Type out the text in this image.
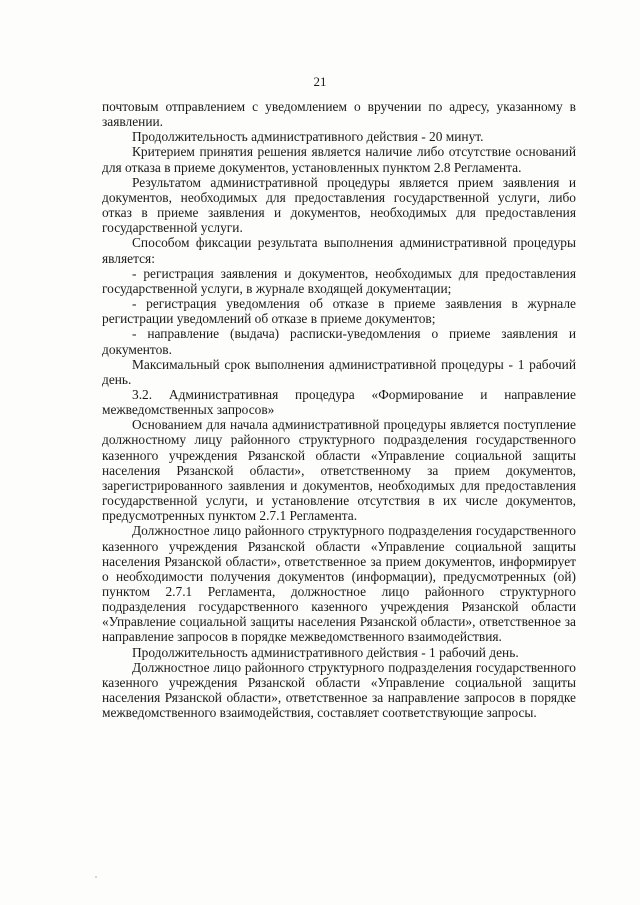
21

почтовым отправлением с уведомлением о вручении по адресу, указанному в заявлении.

Продолжительность административного действия - 20 минут.

Критерием принятия решения является наличие либо отсутствие оснований для отказа в приеме документов, установленных пунктом 2.8 Регламента.

Результатом административной процедуры является прием заявления и документов, необходимых для предоставления государственной услуги, либо отказ в приеме заявления и документов, необходимых для предоставления государственной услуги.

Способом фиксации результата выполнения административной процедуры является:

- регистрация заявления и документов, необходимых для предоставления государственной услуги, в журнале входящей документации;

- регистрация уведомления об отказе в приеме заявления в журнале регистрации уведомлений об отказе в приеме документов;

- направление (выдача) расписки-уведомления о приеме заявления и документов.

Максимальный срок выполнения административной процедуры - 1 рабочий день.

3.2. Административная процедура «Формирование и направление межведомственных запросов»

Основанием для начала административной процедуры является поступление должностному лицу районного структурного подразделения государственного казенного учреждения Рязанской области «Управление социальной защиты населения Рязанской области», ответственному за прием документов, зарегистрированного заявления и документов, необходимых для предоставления государственной услуги, и установление отсутствия в их числе документов, предусмотренных пунктом 2.7.1 Регламента.

Должностное лицо районного структурного подразделения государственного казенного учреждения Рязанской области «Управление социальной защиты населения Рязанской области», ответственное за прием документов, информирует о необходимости получения документов (информации), предусмотренных (ой) пунктом 2.7.1 Регламента, должностное лицо районного структурного подразделения государственного казенного учреждения Рязанской области «Управление социальной защиты населения Рязанской области», ответственное за направление запросов в порядке межведомственного взаимодействия.

Продолжительность административного действия - 1 рабочий день.

Должностное лицо районного структурного подразделения государственного казенного учреждения Рязанской области «Управление социальной защиты населения Рязанской области», ответственное за направление запросов в порядке межведомственного взаимодействия, составляет соответствующие запросы.
